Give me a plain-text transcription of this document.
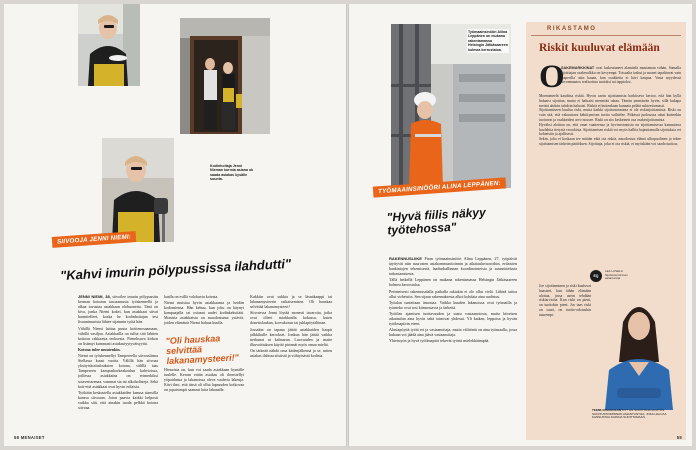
Kodinhoitaja Jenni Nieman kurmia asiana ok saada asiakas kysälle suunta.
SIIVOOJA JENNI NIEMI:
"Kahvi imurin pölypussissa ilahdutti"

JENNI NIEMI, 38, siivoilee imurin pölypussiin kerman kotoaan tasoaamusta työskennellä ja alkaa tuvustaa asiakkaan olohuonetta. Tänä on kiva, jonka Niemi kokei, kun asiakkaat siivat harmitelleet, koska he kodinhoitajan tesi lisuunimurista lähtee sijainnin työtä hän.

Vähillä Niemi laittaa puuta kotitenosaamaan, vähillä vasiljaa. Asiakkailla on tullut sitä lähtien koitoon rakkaasta teoksesta. Pienehsuva kirkon on lisämyt kummasti asiakastyytyväisyyttä.

Kotona tulee muutenkin.

Niemi on työskennellyt Tampereella siivouslirma Stellassa kuusi vuotta. Välillä hän siivoaa yksityiskotitalouksien kotona, välillä taas Tampereen kampuskorkeakoulun kahvioissa, joillessa asiakkaina on erimerkiksi sotavertarenaa, vammat sia tai alkoholisteja. Sekä koti-että asiakkaat ovat hyvin erilaisia.

Työkään keskustella asiakkaiden kanssa siansilla kanssa siivoaan. Joton paavia kaikki helposti vaikka sitä, että ainakin tuoda pelkkä kotona siivoaa.

kaalla on esillä valokuvia kotosta.

Niemi muistaa hyvin asiakkaansa ja heidän kodomiensa. Hän kehuu, kun joku on käynyt kampaajalla tai ostanut uudet kodinkeksitäät. Monista asiakkaista on muodostunut ystäviä, joiden elämästä Niemi haluaa kuulla.

Hienoista on, kun voi saada asiakkaan hymälle tuulelle. Kerran erään asiakas oli ilmestellyt yöpaidansa ja lakanoissa oleva vaaleria lakeuja. Kävi ilmi, että tässä oli ollut lapsuuden kotkovaa on jopaisimpii saanaut luita lakanalle.

"Oli hauskaa selvittää lakanamysteeri!"

Kukkiin ovat sukkia ja se läsnäkaappi tai lakanamysteerin ratkaisemisen. Oli hauskaa selvittää lakanamysteeri!

Siivotessa Jenni löytää monesti tavaroita, jotka ovat olleet asiakkaalla kokassa, kuten donetiolaukan, korvakorun tai juhlapöytäliinan.

Jossakin on tapana jättää asiakkaiden kaapit jalkkikulle kerrokset. Jonkun hän jättää vaikka nerkunat ni kalmaran. Luovuuden ja matte ilkuvoittuksen käyttö pirinnät myös omaa mieltä.

On tärkeää nähdä oma kädenjälkensä ja se, miten asiakas ilahtuu siististä ja viihtyisästä kodista.

58 MENAISET
Työmaainsinööri Aliina Leppänen on mukana rakentamassa Helsingin Jätkäsaareen kolmea kerrostaloa.
TYÖMAAINSINÖÖRI ALINA LEPPÄNEN:
"Hyvä fiilis näkyy työtehossa"

RAKENNUSLIIKE Firan työmaainsinööri Alina Leppänen, 27, työpäivät täyttyvät niin suurosten asiakommunitoinnin ja aikatauluvuoroihin, erilaisten hankintojen tekemisestä, laadunhallinnan koordinointeista ja suunnittelusta tarkastamisesta.

Tällä hetkellä Leppänen on mukana rakentamassa Helsingin Jätkäsaareen kolmea kerrostaloa.

Perinteisesti rakennusalalla paikalla rakiakin ei ole ollut vielä. Lähteä taitoa ollut virheisiin. Sen sijaan rakennuksesta alkoi kohdata aina uudistus.

Työalan tunteitaan innostaa. Vaikka kuuden lakanoissa ovat työmailla ja työnteko ovat tosi kiinnostavia ja tärkeitä.

Työtilan ajamisen tuottavuuden ja saatu vastaanotosta, mutta kiireisen aikataulun aina hyvin sekä toimivat yhdessä. Yli kaiken, leppoisa ja hyvän työilmapiirin eteen.

Alustapöytiä työtä eri ja vastaanottaja, mutta välitöntä on aina työmaalla, jossa kukaan voi jäädä aina jäävä vastaanottaja.

Yhteistyön ja hyvä työilmapiiri tekevät työstä mielekkäämpää.

RIKASTAMO
Riskit kuuluvat elämään
O

SAKEMARKKINAT ovat laskeutuneet alamäelä muutaman vähän. Samalla sijoittajan osakesalkku on kevyempi. Toisaalta taskut ja monet tapahtuvat vain 'paperilla' niin kauan, kun osakkeita ei kävi kaupaa. Vasta myydessä arvonmuutos realisoituu tuotoksi tai tappioksi.

Mormimeelä kauditsa riskiä. Hyvin usein sijoittamista harkitseva kertoo, että hän kyllä haluaisi sijoittaa, mutta ei haluaisi menettää rahaa. Tämän ymmärrän hyvin, sillä kukapa meistä ahdoin tahdoin haluaisi. Riskiä ei kuitenkaan kannata pelätä suhteettomasti.

Sijoittamiseen kuuluu riski, mutta kaikki sijoitustoiminta ei ole riskisijoittamista. Riski on vain sitä, että vakuuttava kehittymisen tuotto vaihtelee. Pitkässä juoksussa rahat kuitenkin tuottavat ja osakkeiden arvo nousee. Riski on siis keskeinen osa osakesijoittamista.

Hyväksi aloittaa on, että omat vaatteensa ja hyvinvoinnista on sijoittamisessa kannattava huolehtia tietystä verrokista. Sijoittamisen riskiä voi myös hallita hajauttamalla sijoituksia eri kohteisiin ja ajallisesti.

Sekin, joka ei koskaan tee mitään eikä ota riskiä, muodostuu elämä ulkopuolinen ja tekee sijoittamisen tärkeän päätöksen. Sijoittaja, joka ei ota riskiä, ei myöskään voi saada tuottoa.

EQ
LEA LUSELA Sijoitustoiminnan asiantuntija

Joe sijoittaminen ja riski kuuluvat haasteet, kun tähän elämään ulottaa, jossa usein tehdään riskiarvioita. Kun riski on pieni, on tuottokin pieni. Jos taas riski on suuri, on tuotto-odotuskin suurempi.

TEEMU RALIGULAN FIT? ON SIJOITTAJA JA MYÖS SIJOITUSTOIMINNAN ASIANTUNTIJA, JOKA HALUAA KANNUSTAA KAIKKIA SIJOITTAMAAN.
59
